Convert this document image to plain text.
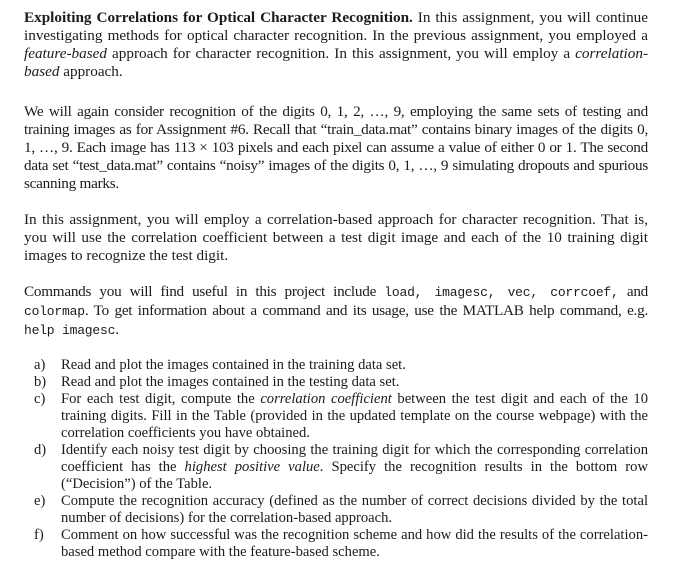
Exploiting Correlations for Optical Character Recognition. In this assignment, you will continue investigating methods for optical character recognition. In the previous assignment, you employed a feature-based approach for character recognition. In this assignment, you will employ a correlation-based approach.

We will again consider recognition of the digits 0, 1, 2, …, 9, employing the same sets of testing and training images as for Assignment #6. Recall that “train_data.mat” contains binary images of the digits 0, 1, …, 9. Each image has 113 × 103 pixels and each pixel can assume a value of either 0 or 1. The second data set “test_data.mat” contains “noisy” images of the digits 0, 1, …, 9 simulating dropouts and spurious scanning marks.

In this assignment, you will employ a correlation-based approach for character recognition. That is, you will use the correlation coefficient between a test digit image and each of the 10 training digit images to recognize the test digit.

Commands you will find useful in this project include load, imagesc, vec, corrcoef, and colormap. To get information about a command and its usage, use the MATLAB help command, e.g. help imagesc.

a) Read and plot the images contained in the training data set.
b) Read and plot the images contained in the testing data set.
c) For each test digit, compute the correlation coefficient between the test digit and each of the 10 training digits. Fill in the Table (provided in the updated template on the course webpage) with the correlation coefficients you have obtained.
d) Identify each noisy test digit by choosing the training digit for which the corresponding correlation coefficient has the highest positive value. Specify the recognition results in the bottom row (“Decision”) of the Table.
e) Compute the recognition accuracy (defined as the number of correct decisions divided by the total number of decisions) for the correlation-based approach.
f) Comment on how successful was the recognition scheme and how did the results of the correlation-based method compare with the feature-based scheme.
